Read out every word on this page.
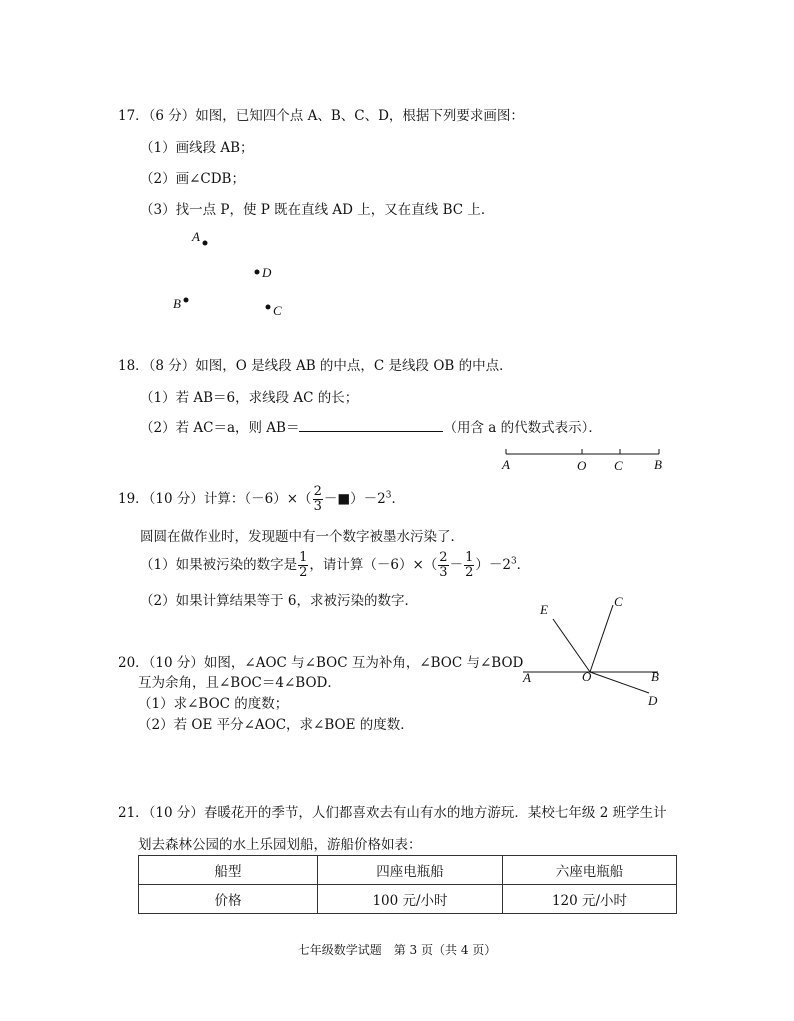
17．（6 分）如图，已知四个点 A、B、C、D，根据下列要求画图：
（1）画线段 AB；
（2）画∠CDB；
（3）找一点 P，使 P 既在直线 AD 上，又在直线 BC 上．
A
D
B	C
18．（8 分）如图，O 是线段 AB 的中点，C 是线段 OB 的中点．
（1）若 AB＝6，求线段 AC 的长；
（2）若 AC＝a，则 AB＝	（用含 a 的代数式表示）．
A	O C B
19．（10 分）计算：$(-6)\times( \frac{2}{3}$ $-■)-2^3$．
圆圆在做作业时，发现题中有一个数字被墨水污染了．
（1）如果被污染的数字是 $\frac{1}{2}$ ，请计算$(-6)\times( \frac{2}{3} - \frac{1}{2} )-2^3$．
（2）如果计算结果等于 6，求被污染的数字．
E
C
A	O	B
D
20．（10 分）如图，∠AOC 与∠BOC 互为补角，∠BOC 与∠BOD
互为余角，且∠BOC＝4∠BOD．
（1）求∠BOC 的度数；
（2）若 OE 平分∠AOC，求∠BOE 的度数．
21．（10 分）春暖花开的季节，人们都喜欢去有山有水的地方游玩．某校七年级 2 班学生计
划去森林公园的水上乐园划船，游船价格如表：
船型	四座电瓶船	六座电瓶船
价格	100 元/小时	120 元/小时
七年级数学试题　第 3 页（共 4 页）
